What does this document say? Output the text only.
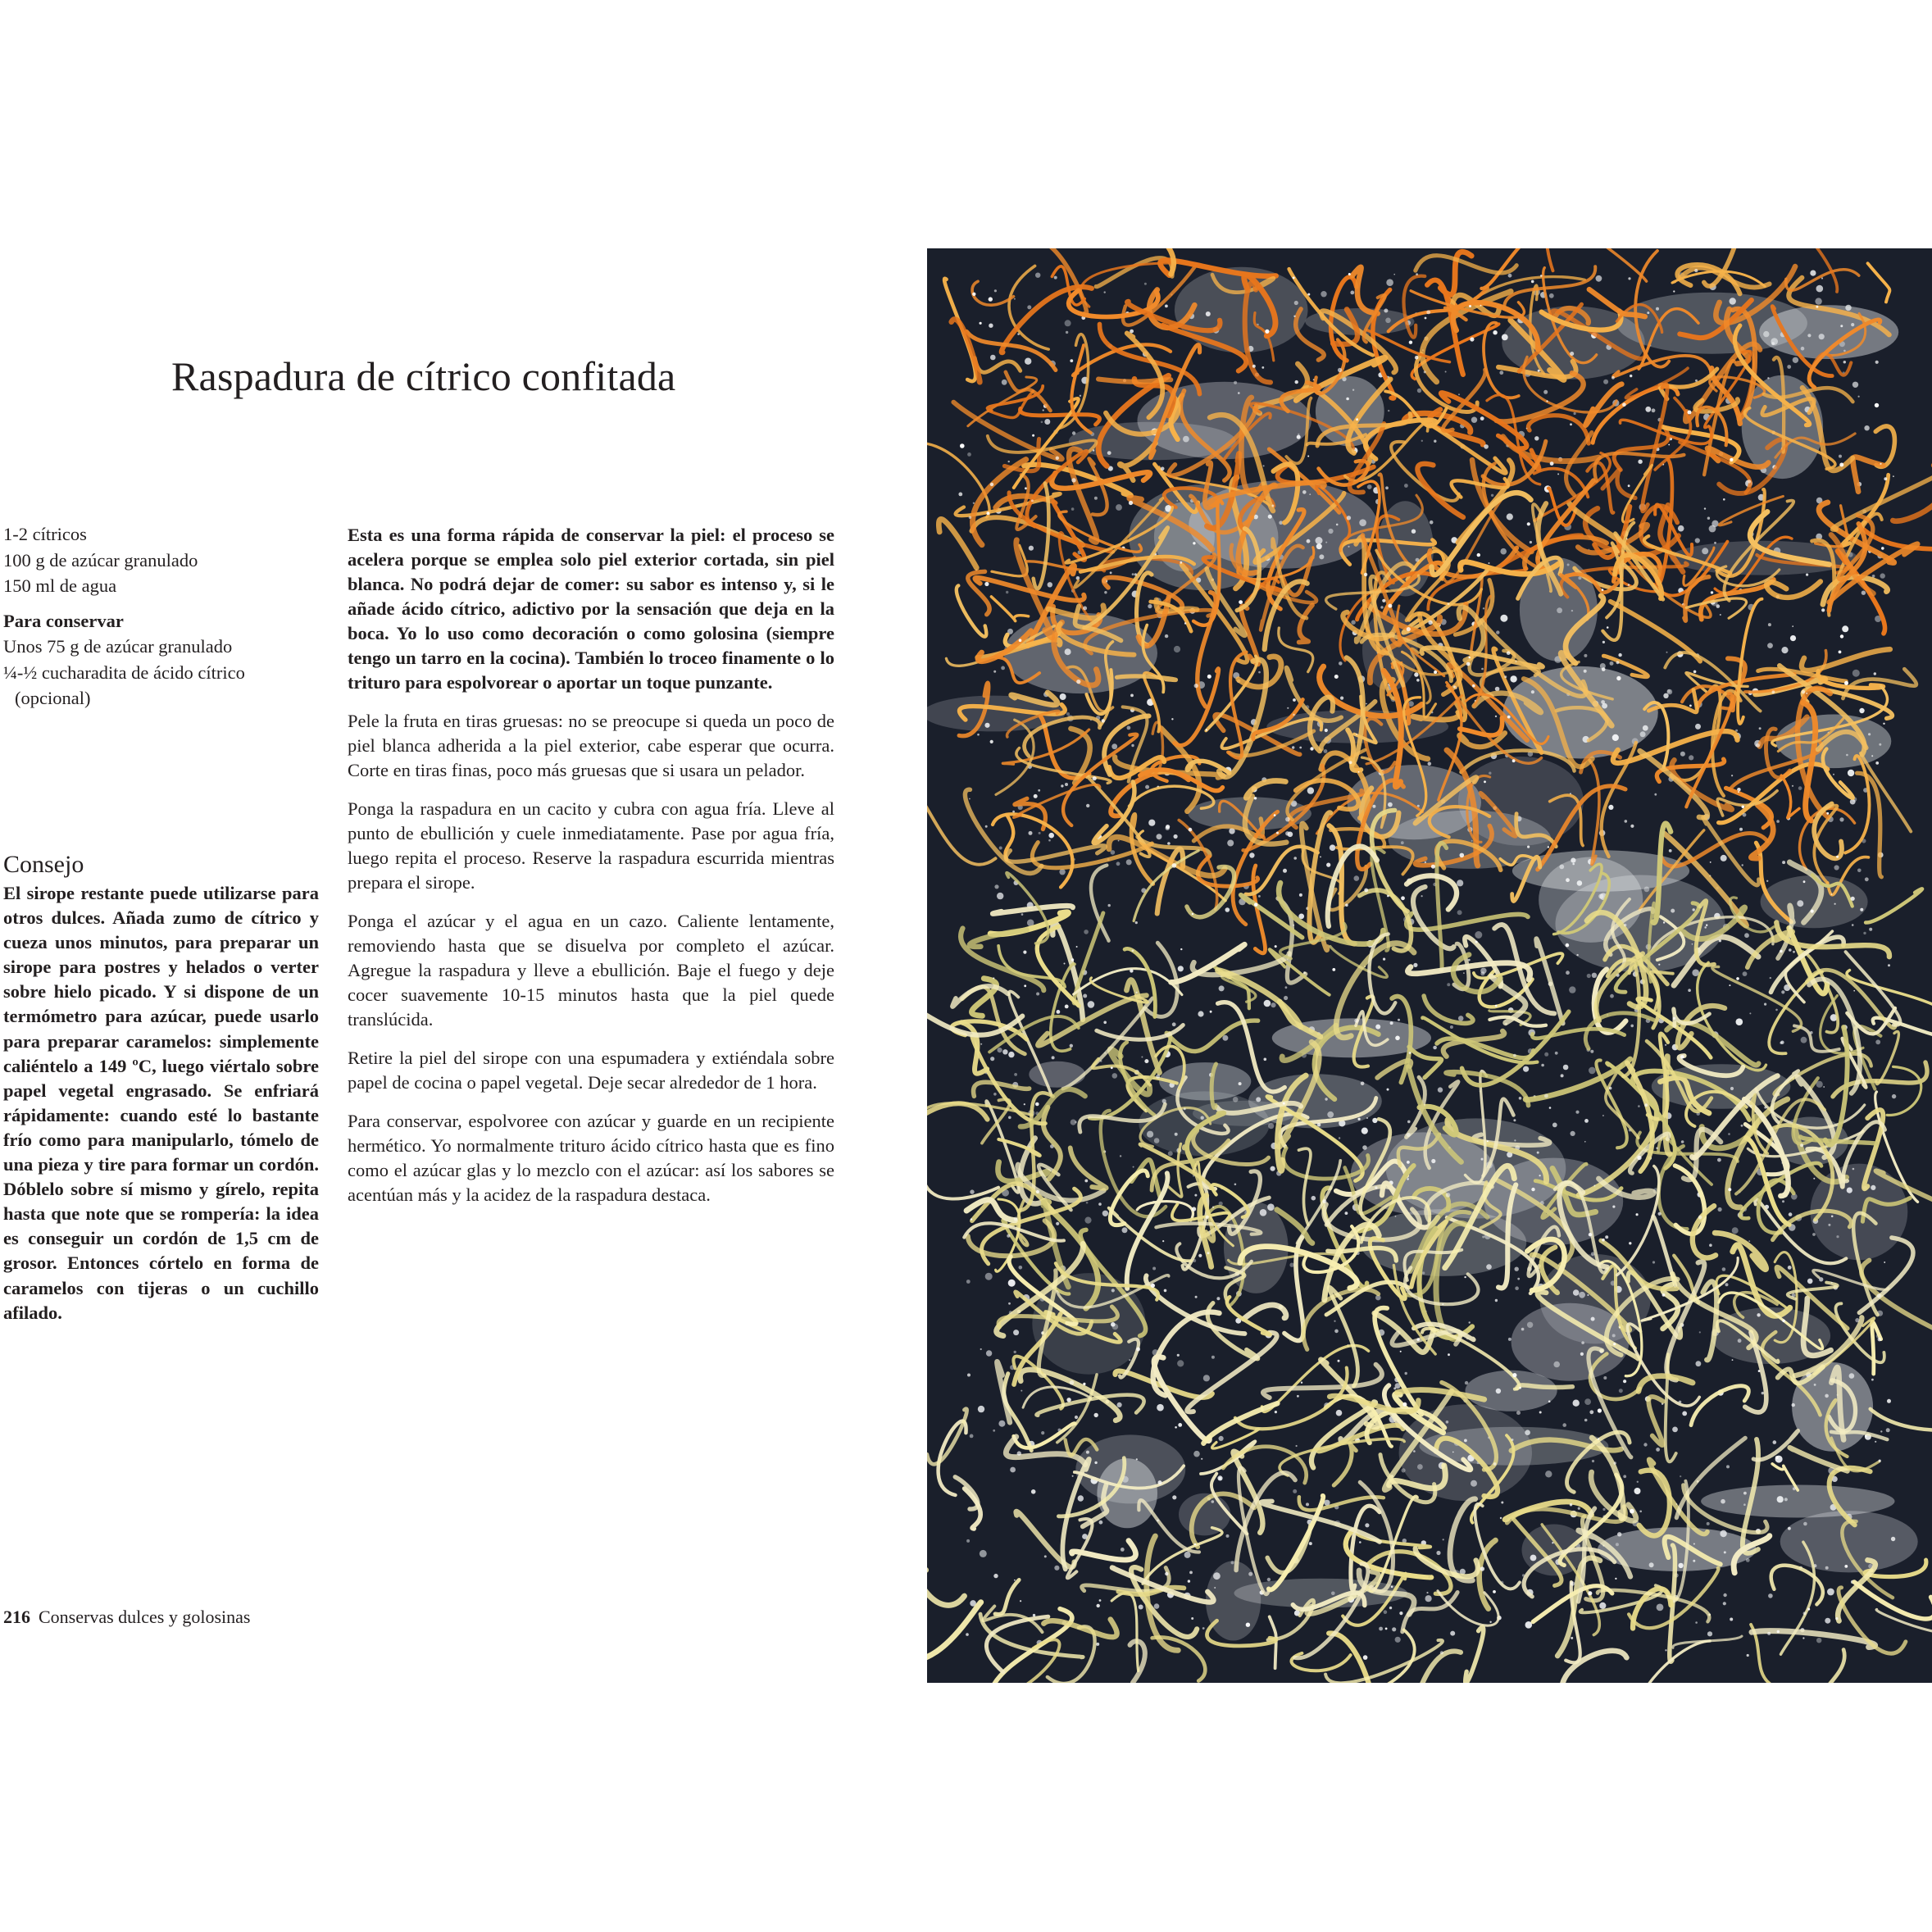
Raspadura de cítrico confitada
1-2 cítricos
100 g de azúcar granulado
150 ml de agua
Para conservar
Unos 75 g de azúcar granulado
¼-½ cucharadita de ácido cítrico
(opcional)
Consejo

El sirope restante puede utilizarse para otros dulces. Añada zumo de cítrico y cueza unos minutos, para preparar un sirope para postres y helados o verter sobre hielo picado. Y si dispone de un termómetro para azúcar, puede usarlo para preparar caramelos: simplemente caliéntelo a 149 ºC, luego viértalo sobre papel vegetal engrasado. Se enfriará rápidamente: cuando esté lo bastante frío como para manipularlo, tómelo de una pieza y tire para formar un cordón. Dóblelo sobre sí mismo y gírelo, repita hasta que note que se rompería: la idea es conseguir un cordón de 1,5 cm de grosor. Entonces córtelo en forma de caramelos con tijeras o un cuchillo afilado.

Esta es una forma rápida de conservar la piel: el proceso se acelera porque se emplea solo piel exterior cortada, sin piel blanca. No podrá dejar de comer: su sabor es intenso y, si le añade ácido cítrico, adictivo por la sensación que deja en la boca. Yo lo uso como decoración o como golosina (siempre tengo un tarro en la cocina). También lo troceo finamente o lo trituro para espolvorear o aportar un toque punzante.

Pele la fruta en tiras gruesas: no se preocupe si queda un poco de piel blanca adherida a la piel exterior, cabe esperar que ocurra. Corte en tiras finas, poco más gruesas que si usara un pelador.

Ponga la raspadura en un cacito y cubra con agua fría. Lleve al punto de ebullición y cuele inmediatamente. Pase por agua fría, luego repita el proceso. Reserve la raspadura escurrida mientras prepara el sirope.

Ponga el azúcar y el agua en un cazo. Caliente lentamente, removiendo hasta que se disuelva por completo el azúcar. Agregue la raspadura y lleve a ebullición. Baje el fuego y deje cocer suavemente 10-15 minutos hasta que la piel quede translúcida.

Retire la piel del sirope con una espumadera y extiéndala sobre papel de cocina o papel vegetal. Deje secar alrededor de 1 hora.

Para conservar, espolvoree con azúcar y guarde en un recipiente hermético. Yo normalmente trituro ácido cítrico hasta que es fino como el azúcar glas y lo mezclo con el azúcar: así los sabores se acentúan más y la acidez de la raspadura destaca.

216 Conservas dulces y golosinas
